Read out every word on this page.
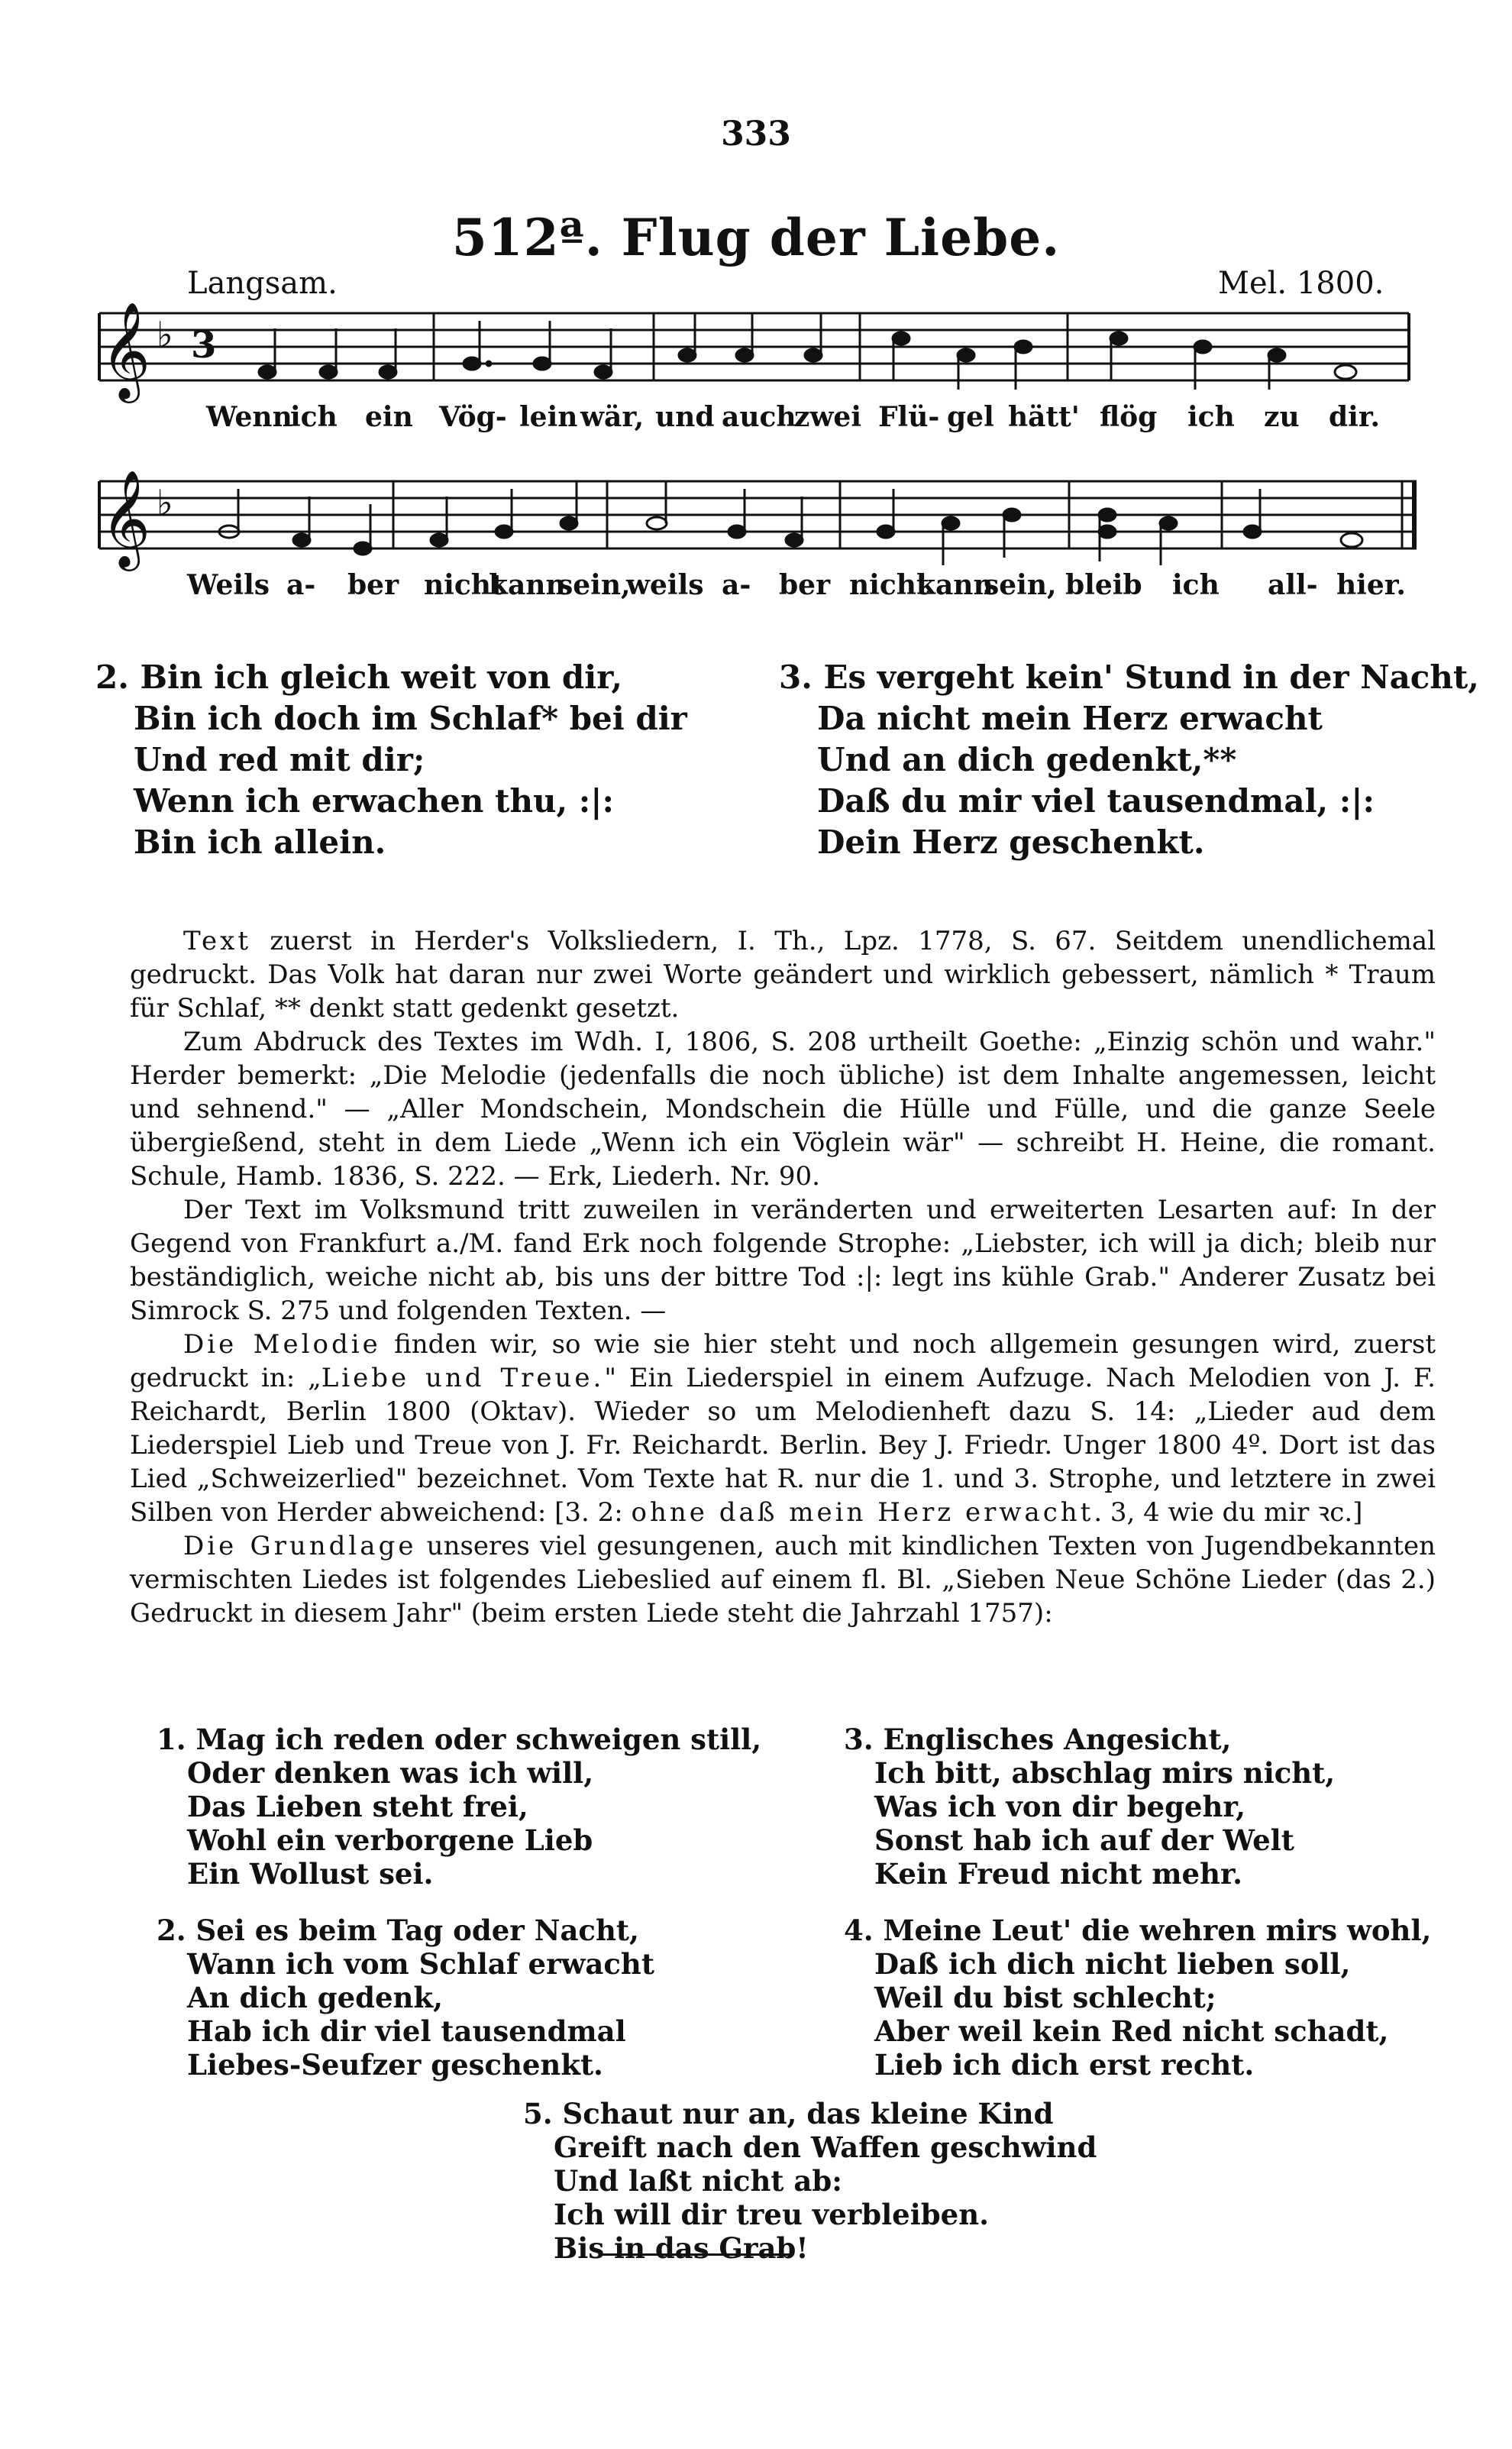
333
512ª. Flug der Liebe.
Langsam.	Mel. 1800.
𝄞
𝄞
♭
♭
3
Wenn
ich ein Vög- lein wär, und auch
zwei Flü- gel hätt' flög ich zu dir.
Weils a- ber nicht
kann
sein,
weils a- ber nicht
kann
sein, bleib ich all- hier.
2. Bin ich gleich weit von dir,
Bin ich doch im Schlaf* bei dir
Und red mit dir;
Wenn ich erwachen thu, :|:
Bin ich allein.
3. Es vergeht kein' Stund in der Nacht,
Da nicht mein Herz erwacht
Und an dich gedenkt,**
Daß du mir viel tausendmal, :|:
Dein Herz geschenkt.

Text zuerst in Herder's Volksliedern, I. Th., Lpz. 1778, S. 67. Seitdem unendlichemal gedruckt. Das Volk hat daran nur zwei Worte geändert und wirklich gebessert, nämlich * Traum für Schlaf, ** denkt statt gedenkt gesetzt.

Zum Abdruck des Textes im Wdh. I, 1806, S. 208 urtheilt Goethe: „Einzig schön und wahr." Herder bemerkt: „Die Melodie (jedenfalls die noch übliche) ist dem Inhalte angemessen, leicht und sehnend." — „Aller Mondschein, Mondschein die Hülle und Fülle, und die ganze Seele übergießend, steht in dem Liede „Wenn ich ein Vöglein wär" — schreibt H. Heine, die romant. Schule, Hamb. 1836, S. 222. — Erk, Liederh. Nr. 90.

Der Text im Volksmund tritt zuweilen in veränderten und erweiterten Lesarten auf: In der Gegend von Frankfurt a./M. fand Erk noch folgende Strophe: „Liebster, ich will ja dich; bleib nur beständiglich, weiche nicht ab, bis uns der bittre Tod :|: legt ins kühle Grab." Anderer Zusatz bei Simrock S. 275 und folgenden Texten. —

Die Melodie finden wir, so wie sie hier steht und noch allgemein gesungen wird, zuerst gedruckt in: „Liebe und Treue." Ein Liederspiel in einem Aufzuge. Nach Melodien von J. F. Reichardt, Berlin 1800 (Oktav). Wieder so um Melodienheft dazu S. 14: „Lieder aud dem Liederspiel Lieb und Treue von J. Fr. Reichardt. Berlin. Bey J. Friedr. Unger 1800 4º. Dort ist das Lied „Schweizerlied" bezeichnet. Vom Texte hat R. nur die 1. und 3. Strophe, und letztere in zwei Silben von Herder abweichend: [3. 2: ohne daß mein Herz erwacht. 3, 4 wie du mir ꝛc.]

Die Grundlage unseres viel gesungenen, auch mit kindlichen Texten von Jugendbekannten vermischten Liedes ist folgendes Liebeslied auf einem fl. Bl. „Sieben Neue Schöne Lieder (das 2.) Gedruckt in diesem Jahr" (beim ersten Liede steht die Jahrzahl 1757):

1. Mag ich reden oder schweigen still,
Oder denken was ich will,
Das Lieben steht frei,
Wohl ein verborgene Lieb
Ein Wollust sei.
2. Sei es beim Tag oder Nacht,
Wann ich vom Schlaf erwacht
An dich gedenk,
Hab ich dir viel tausendmal
Liebes-Seufzer geschenkt.
3. Englisches Angesicht,
Ich bitt, abschlag mirs nicht,
Was ich von dir begehr,
Sonst hab ich auf der Welt
Kein Freud nicht mehr.
4. Meine Leut' die wehren mirs wohl,
Daß ich dich nicht lieben soll,
Weil du bist schlecht;
Aber weil kein Red nicht schadt,
Lieb ich dich erst recht.
5. Schaut nur an, das kleine Kind
Greift nach den Waffen geschwind
Und laßt nicht ab:
Ich will dir treu verbleiben.
Bis in das Grab!
